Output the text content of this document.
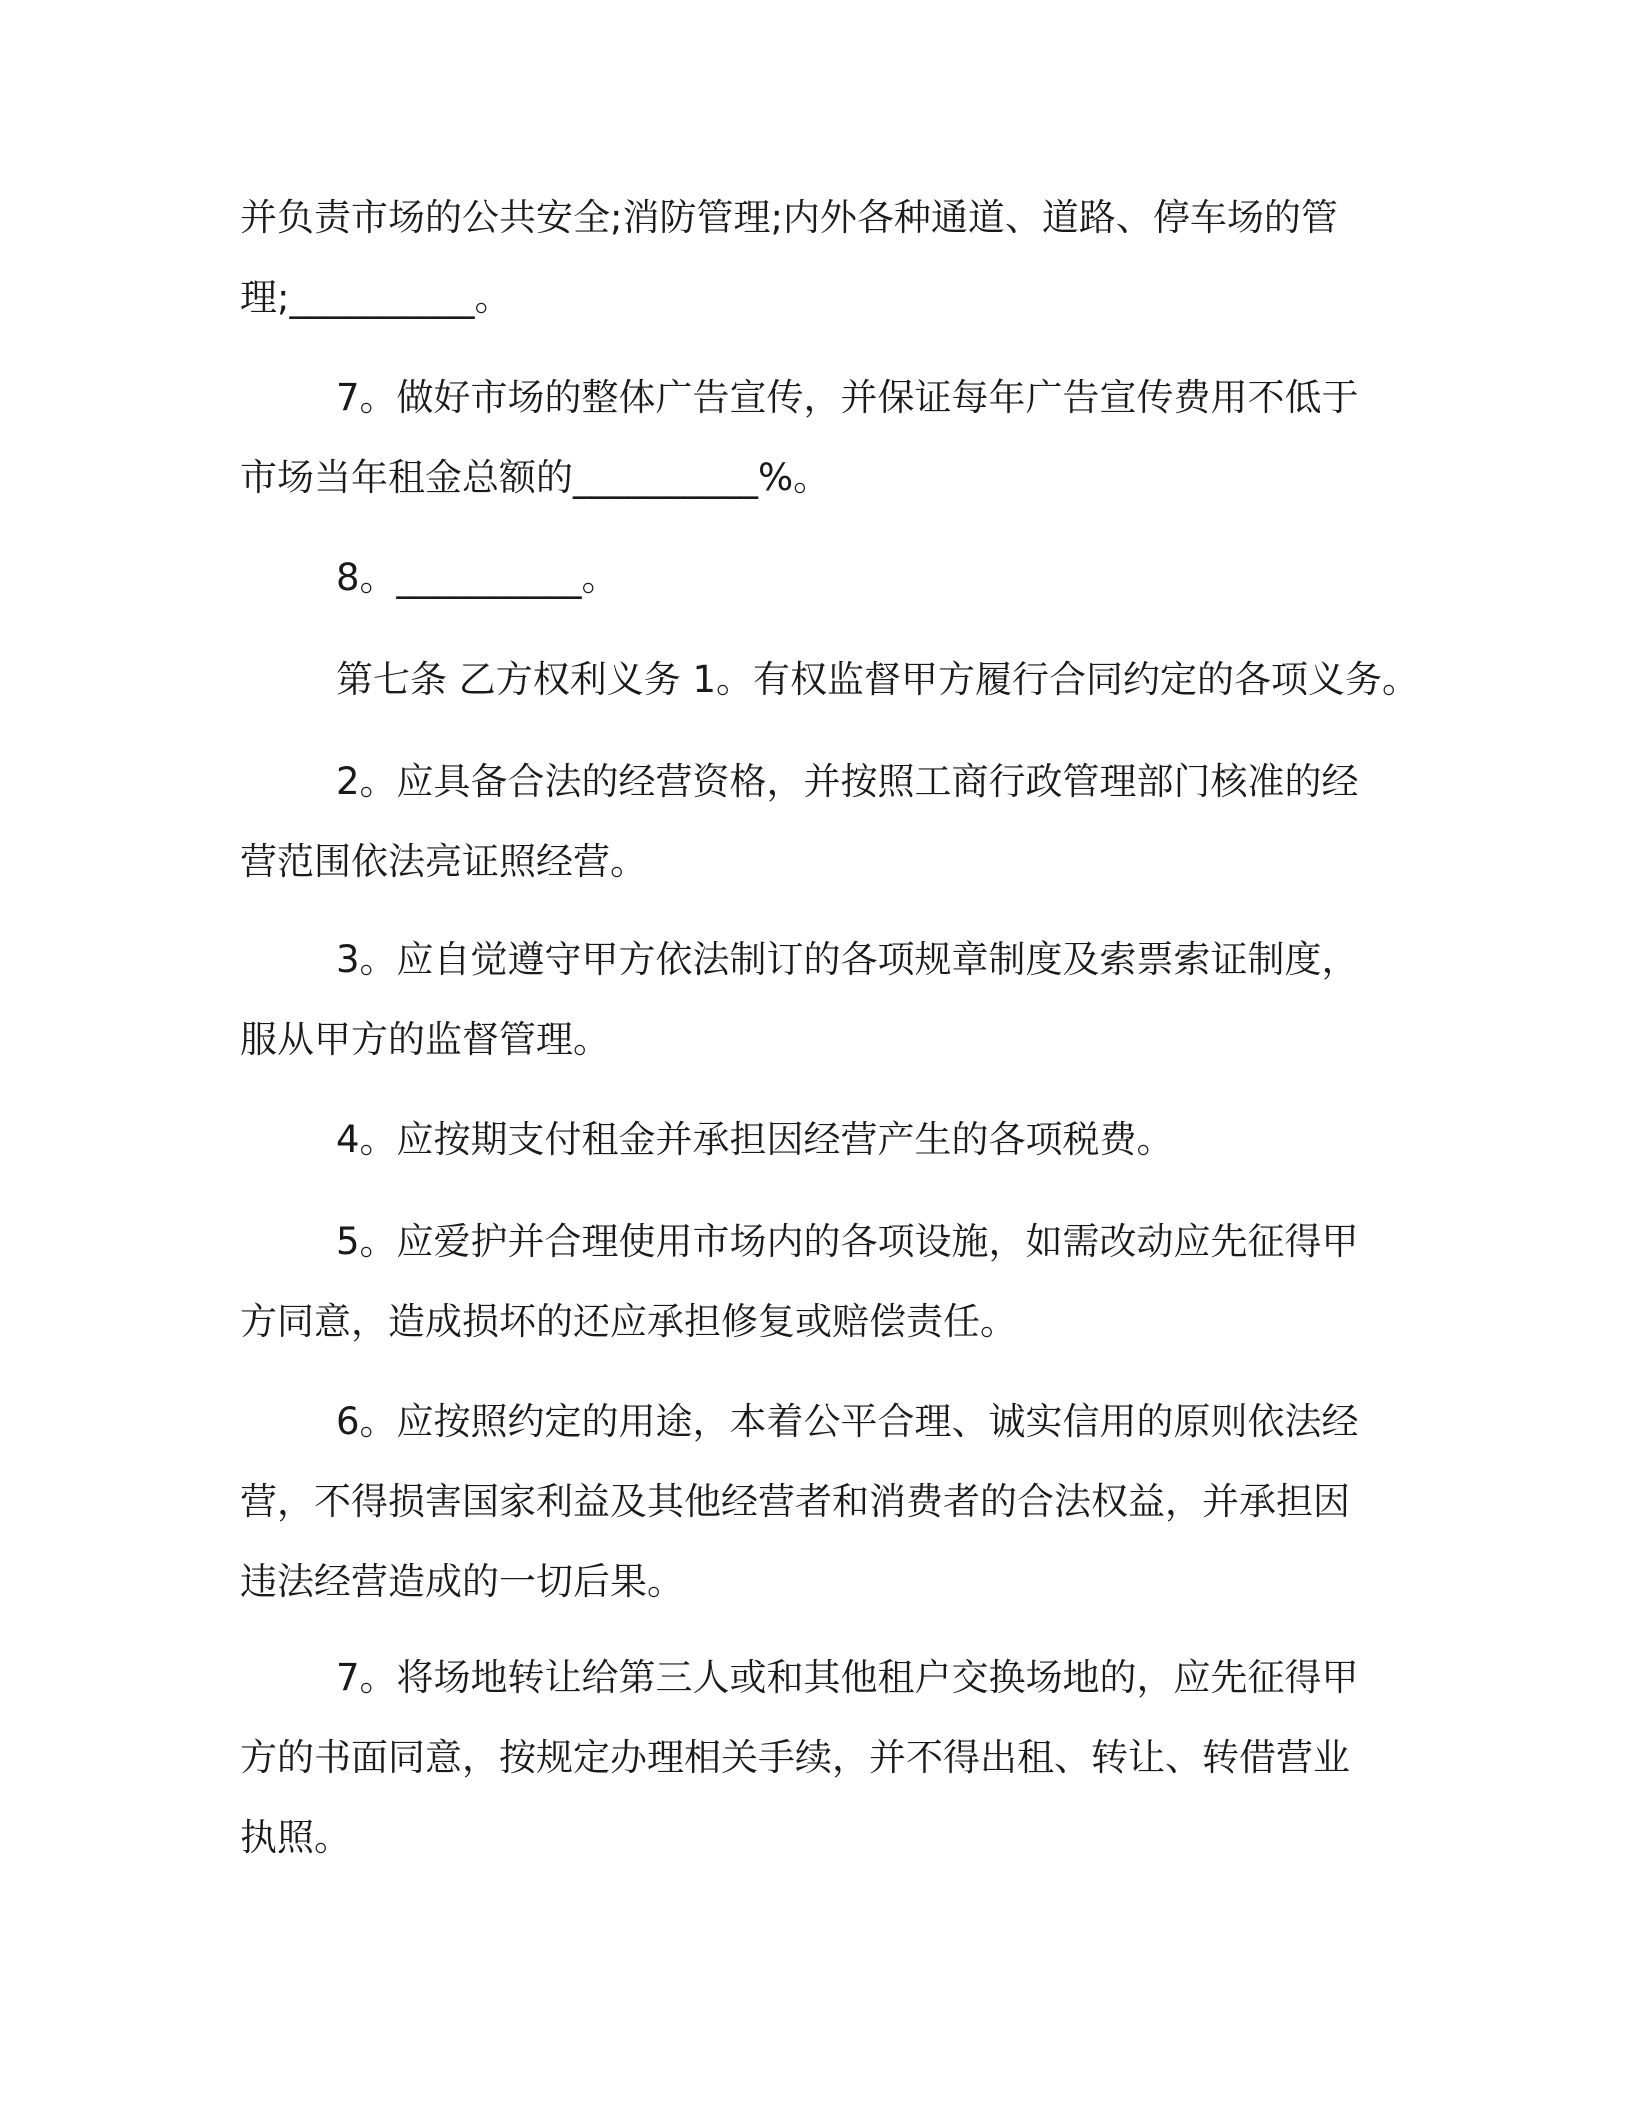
并负责市场的公共安全;消防管理;内外各种通道、道路、停车场的管
理;__________。

7。做好市场的整体广告宣传，并保证每年广告宣传费用不低于
市场当年租金总额的__________%。

8。__________。

第七条 乙方权利义务 1。有权监督甲方履行合同约定的各项义务。

2。应具备合法的经营资格，并按照工商行政管理部门核准的经
营范围依法亮证照经营。

3。应自觉遵守甲方依法制订的各项规章制度及索票索证制度，
服从甲方的监督管理。

4。应按期支付租金并承担因经营产生的各项税费。

5。应爱护并合理使用市场内的各项设施，如需改动应先征得甲
方同意，造成损坏的还应承担修复或赔偿责任。

6。应按照约定的用途，本着公平合理、诚实信用的原则依法经
营，不得损害国家利益及其他经营者和消费者的合法权益，并承担因
违法经营造成的一切后果。

7。将场地转让给第三人或和其他租户交换场地的，应先征得甲
方的书面同意，按规定办理相关手续，并不得出租、转让、转借营业
执照。
